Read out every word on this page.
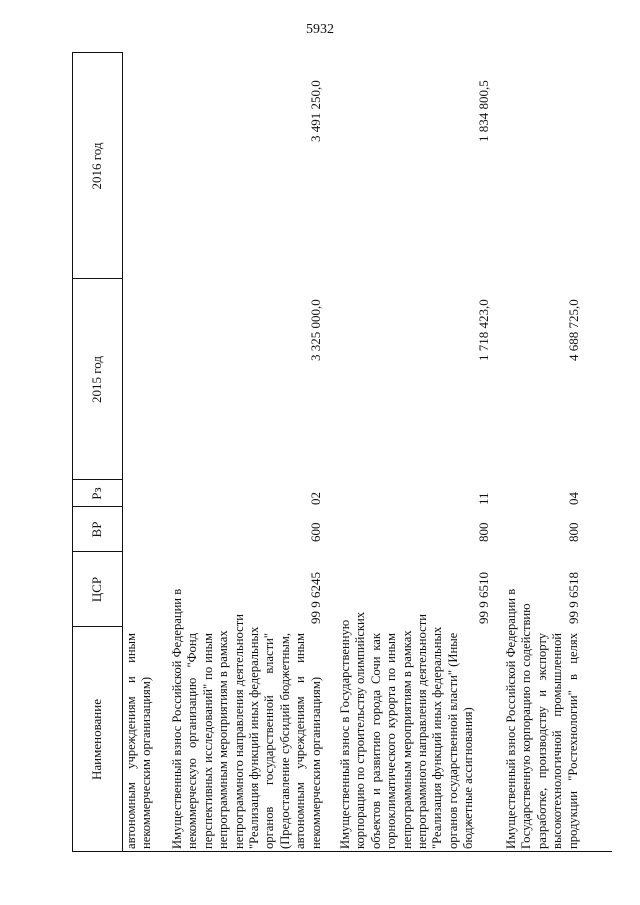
5932
Наименование
ЦСР
ВР
Рз
2015 год
2016 год
автономным учреждениям и иным некоммерческим организациям) Имущественный взнос Российской Федерации в некоммерческую организацию "Фонд перспективных исследований" по иным непрограммным мероприятиям в рамках непрограммного направления деятельности "Реализация функций иных федеральных органов государственной власти" (Предоставление субсидий бюджетным, автономным учреждениям и иным некоммерческим организациям)
99 9 6245
600
02
3 325 000,0
3 491 250,0
Имущественный взнос в Государственную корпорацию по строительству олимпийских объектов и развитию города Сочи как горноклиматического курорта по иным непрограммным мероприятиям в рамках непрограммного направления деятельности "Реализация функций иных федеральных органов государственной власти" (Иные бюджетные ассигнования)
99 9 6510
800
11
1 718 423,0
1 834 800,5
Имущественный взнос Российской Федерации в Государственную корпорацию по содействию разработке, производству и экспорту высокотехнологичной промышленной продукции "Ростехнологии" в целях
99 9 6518
800
04
4 688 725,0
